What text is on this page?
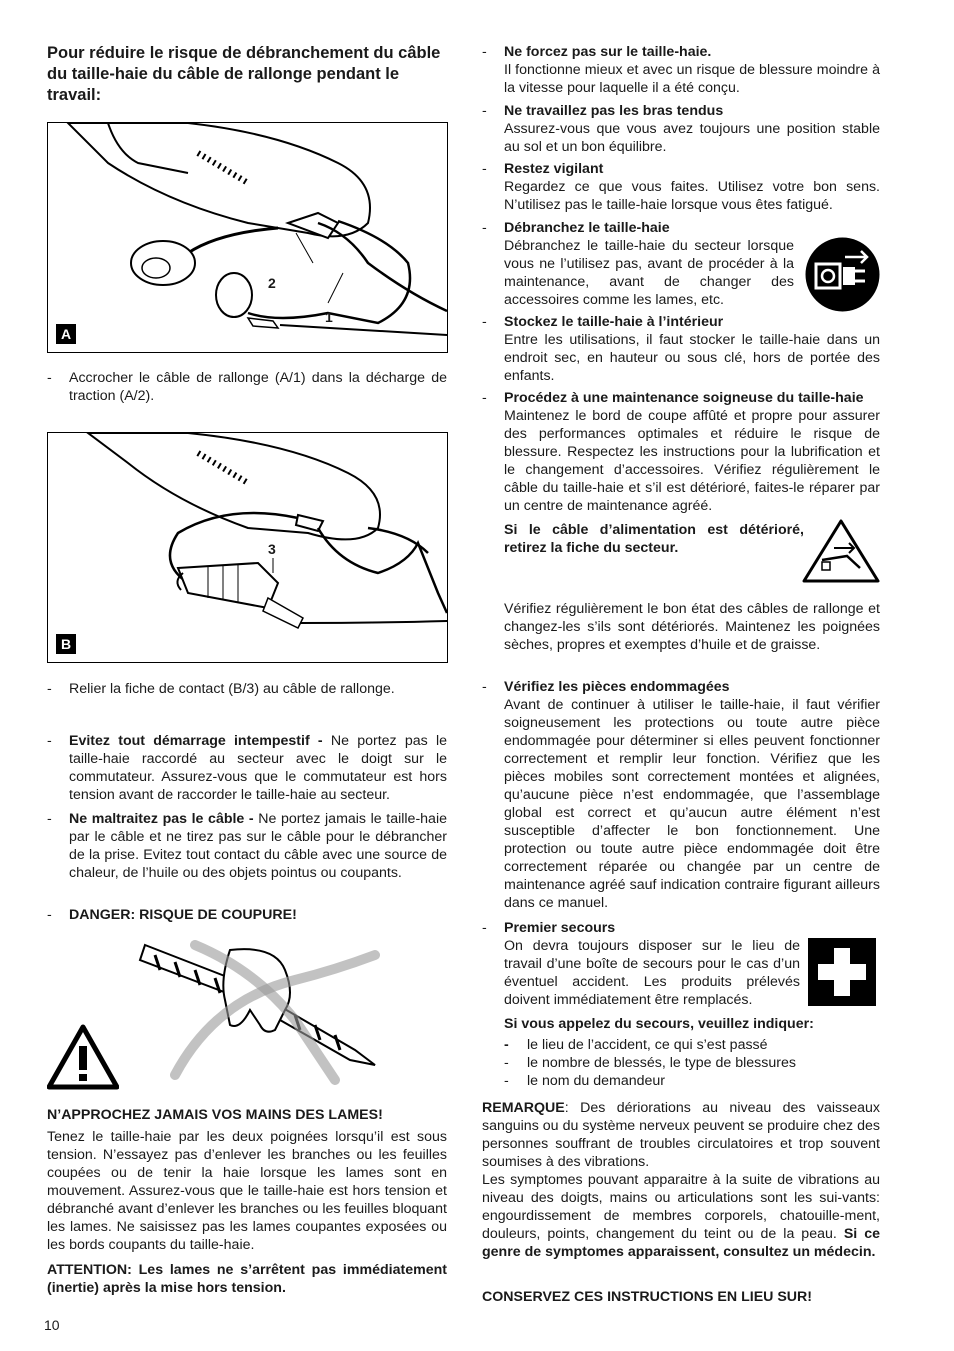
Pour réduire le risque de débranchement du câble du taille-haie du câble de rallonge pendant le travail:
2
1
A
-	Accrocher le câble de rallonge (A/1) dans la décharge de traction (A/2).
3
B
-	Relier la fiche de contact (B/3) au câble de rallonge.
-	Evitez tout démarrage intempestif - Ne portez pas le taille-haie raccordé au secteur avec le doigt sur le commutateur. Assurez-vous que le commutateur est hors tension avant de raccorder le taille-haie au secteur.
-	Ne maltraitez pas le câble - Ne portez jamais le taille-haie par le câble et ne tirez pas sur le câble pour le débrancher de la prise. Evitez tout contact du câble avec une source de chaleur, de l’huile ou des objets pointus ou coupants.
-	DANGER: RISQUE DE COUPURE!
N’APPROCHEZ JAMAIS VOS MAINS DES LAMES!
Tenez le taille-haie par les deux poignées lorsqu’il est sous tension. N’essayez pas d’enlever les branches ou les feuilles coupées ou de tenir la haie lorsque les lames sont en mouvement. Assurez-vous que le taille-haie est hors tension et débranché avant d’enlever les branches ou les feuilles bloquant les lames. Ne saisissez pas les lames coupantes exposées ou les bords coupants du taille-haie.
ATTENTION: Les lames ne s’arrêtent pas immédiatement (inertie) après la mise hors tension.
- Ne forcez pas sur le taille-haie.
Il fonctionne mieux et avec un risque de blessure moindre à la vitesse pour laquelle il a été conçu.
- Ne travaillez pas les bras tendus
Assurez-vous que vous avez toujours une position stable au sol et un bon équilibre.
- Restez vigilant
Regardez ce que vous faites. Utilisez votre bon sens. N’utilisez pas le taille-haie lorsque vous êtes fatigué.
- Débranchez le taille-haie
Débranchez le taille-haie du secteur lorsque vous ne l’utilisez pas, avant de procéder à la maintenance, avant de changer des accessoires comme les lames, etc.
- Stockez le taille-haie à l’intérieur
Entre les utilisations, il faut stocker le taille-haie dans un endroit sec, en hauteur ou sous clé, hors de portée des enfants.
- Procédez à une maintenance soigneuse du taille-haie
Maintenez le bord de coupe affûté et propre pour assurer des performances optimales et réduire le risque de blessure. Respectez les instructions pour la lubrification et le changement d’accessoires. Vérifiez régulièrement le câble du taille-haie et s’il est détérioré, faites-le réparer par un centre de maintenance agréé.
Si le câble d’alimentation est détérioré, retirez la fiche du secteur.
Vérifiez régulièrement le bon état des câbles de rallonge et changez-les s’ils sont détériorés. Maintenez les poignées sèches, propres et exemptes d’huile et de graisse.
- Vérifiez les pièces endommagées
Avant de continuer à utiliser le taille-haie, il faut vérifier soigneusement les protections ou toute autre pièce endommagée pour déterminer si elles peuvent fonctionner correctement et remplir leur fonction. Vérifiez que les pièces mobiles sont correctement montées et alignées, qu’aucune pièce n’est endommagée, que l’assemblage global est correct et qu’aucun autre élément n’est susceptible d’affecter le bon fonctionnement. Une protection ou toute autre pièce endommagée doit être correctement réparée ou changée par un centre de maintenance agréé sauf indication contraire figurant ailleurs dans ce manuel.
- Premier secours
On devra toujours disposer sur le lieu de travail d’une boîte de secours pour le cas d’un éventuel accident. Les produits prélevés doivent immédiatement être remplacés.
Si vous appelez du secours, veuillez indiquer:
- le lieu de l’accident, ce qui s’est passé
- le nombre de blessés, le type de blessures
- le nom du demandeur
REMARQUE: Des dériorations au niveau des vaisseaux sanguins ou du système nerveux peuvent se produire chez des personnes souffrant de troubles circulatoires et trop souvent soumises à des vibrations.
Les symptomes pouvant apparaitre à la suite de vibrations au niveau des doigts, mains ou articulations sont les sui-vants: engourdissement de membres corporels, chatouille-ment, douleurs, points, changement du teint ou de la peau. Si ce genre de symptomes apparaissent, consultez un médecin.
CONSERVEZ CES INSTRUCTIONS EN LIEU SUR!
10
